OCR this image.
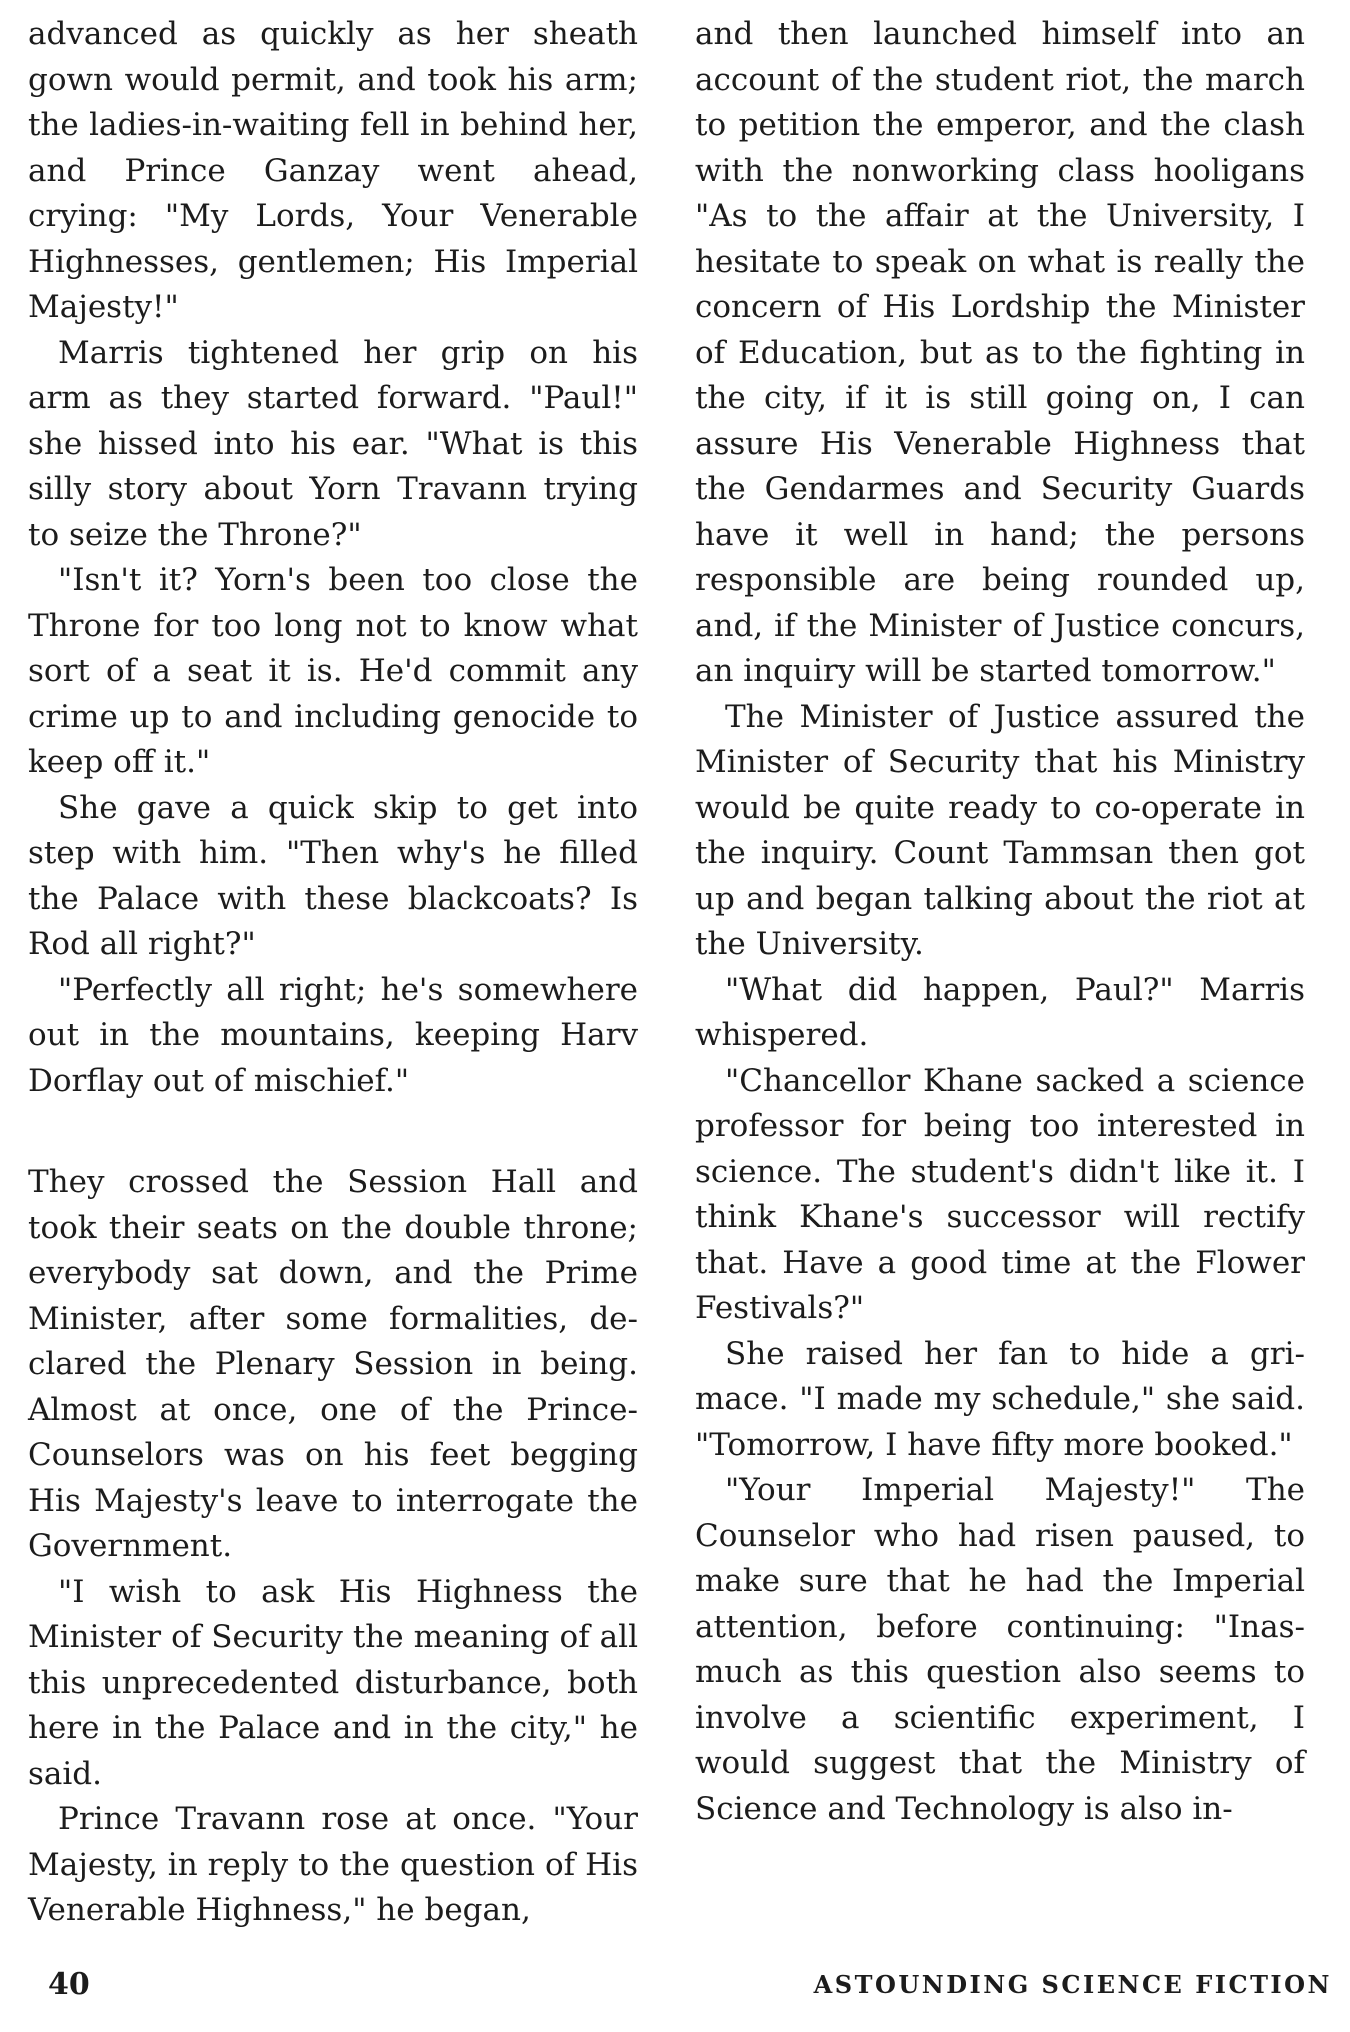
advanced as quickly as her sheath gown would permit, and took his arm; the ladies-in-waiting fell in behind her, and Prince Ganzay went ahead, crying: "My Lords, Your Venerable Highnesses, gentlemen; His Imperial Majesty!"

Marris tightened her grip on his arm as they started forward. "Paul!" she hissed into his ear. "What is this silly story about Yorn Travann trying to seize the Throne?"

"Isn't it? Yorn's been too close the Throne for too long not to know what sort of a seat it is. He'd commit any crime up to and including genocide to keep off it."

She gave a quick skip to get into step with him. "Then why's he filled the Palace with these blackcoats? Is Rod all right?"

"Perfectly all right; he's somewhere out in the mountains, keeping Harv Dorflay out of mischief."

They crossed the Session Hall and took their seats on the double throne; everybody sat down, and the Prime Minister, after some formalities, declared the Plenary Session in being. Almost at once, one of the Prince-Counselors was on his feet begging His Majesty's leave to interrogate the Government.

"I wish to ask His Highness the Minister of Security the meaning of all this unprecedented disturbance, both here in the Palace and in the city," he said.

Prince Travann rose at once. "Your Majesty, in reply to the question of His Venerable Highness," he began,

and then launched himself into an account of the student riot, the march to petition the emperor, and the clash with the nonworking class hooligans "As to the affair at the University, I hesitate to speak on what is really the concern of His Lordship the Minister of Education, but as to the fighting in the city, if it is still going on, I can assure His Venerable Highness that the Gendarmes and Security Guards have it well in hand; the persons responsible are being rounded up, and, if the Minister of Justice concurs, an inquiry will be started tomorrow."

The Minister of Justice assured the Minister of Security that his Ministry would be quite ready to co-operate in the inquiry. Count Tammsan then got up and began talking about the riot at the University.

"What did happen, Paul?" Marris whispered.

"Chancellor Khane sacked a science professor for being too interested in science. The student's didn't like it. I think Khane's successor will rectify that. Have a good time at the Flower Festivals?"

She raised her fan to hide a grimace. "I made my schedule," she said. "Tomorrow, I have fifty more booked."

"Your Imperial Majesty!" The Counselor who had risen paused, to make sure that he had the Imperial attention, before continuing: "Inasmuch as this question also seems to involve a scientific experiment, I would suggest that the Ministry of Science and Technology is also in-

40	ASTOUNDING SCIENCE FICTION
